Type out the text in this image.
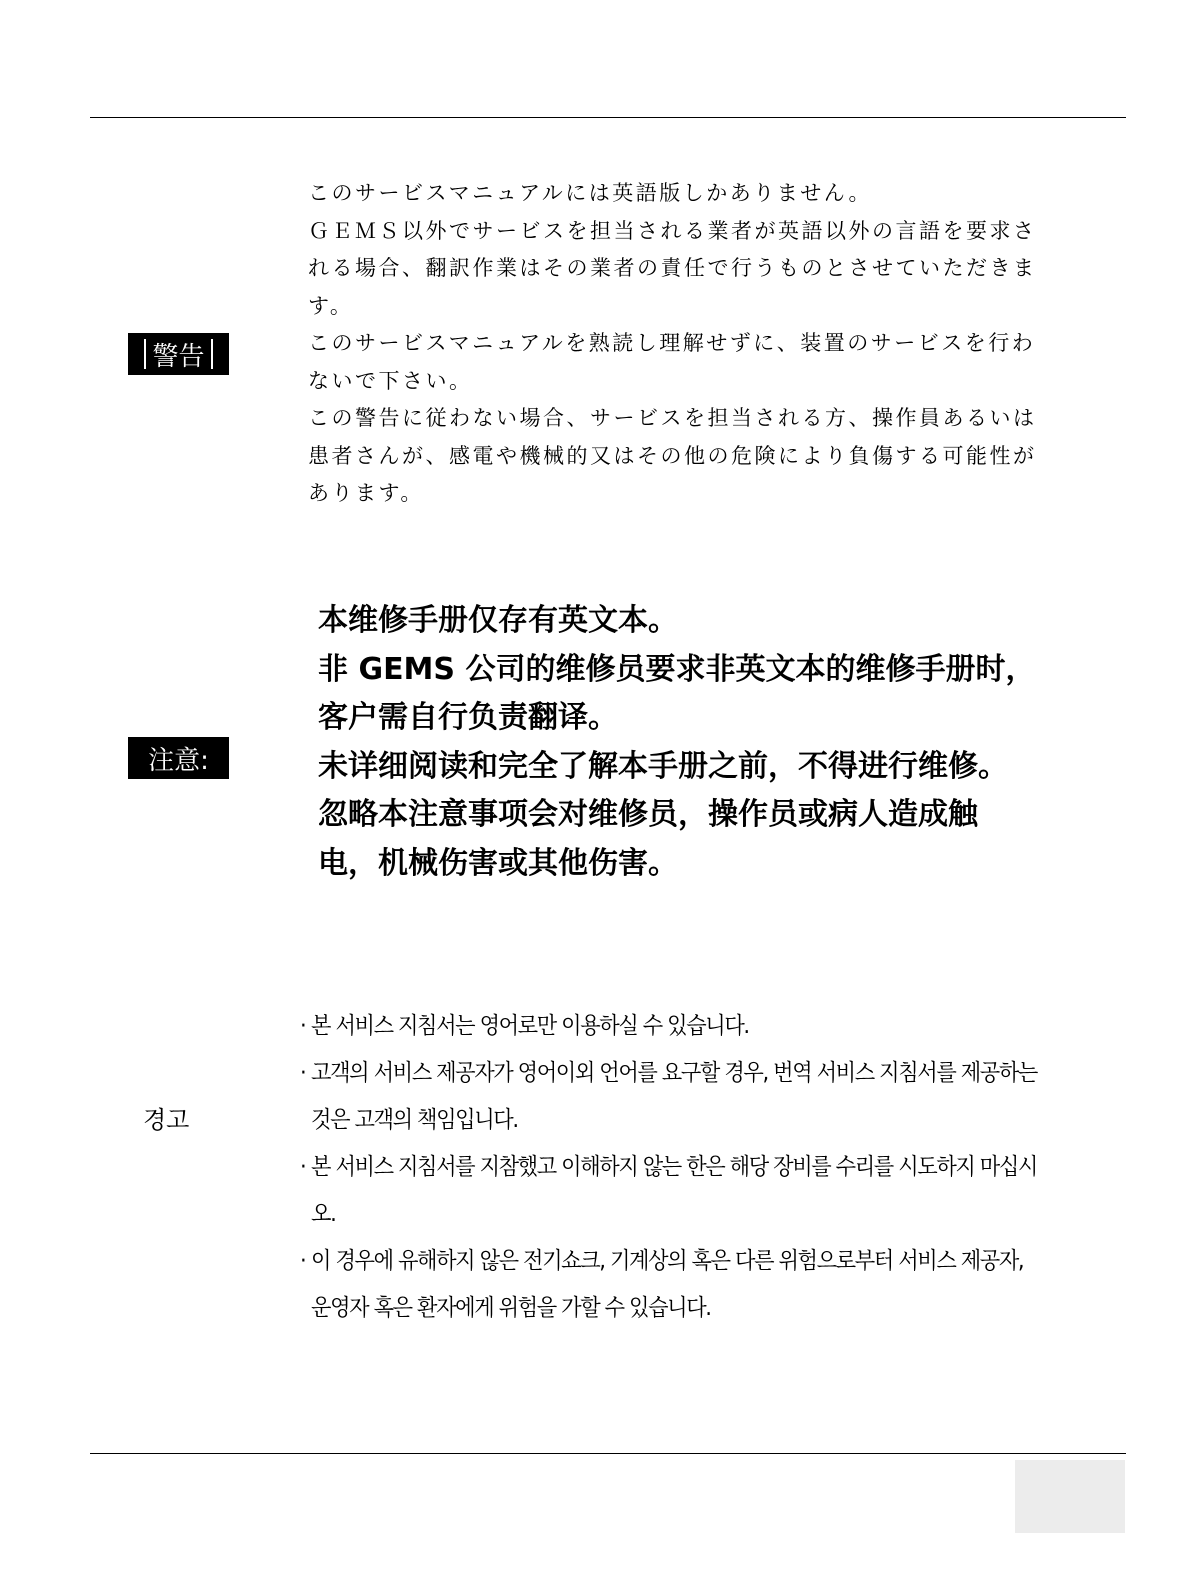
警告

このサービスマニュアルには英語版しかありません。

ＧＥＭＳ以外でサービスを担当される業者が英語以外の言語を要求さ

れる場合、翻訳作業はその業者の責任で行うものとさせていただきま

す。

このサービスマニュアルを熟読し理解せずに、装置のサービスを行わ

ないで下さい。

この警告に従わない場合、サービスを担当される方、操作員あるいは

患者さんが、感電や機械的又はその他の危険により負傷する可能性が

あります。

注意:

本维修手册仅存有英文本。

非 GEMS 公司的维修员要求非英文本的维修手册时，

客户需自行负责翻译。

未详细阅读和完全了解本手册之前，不得进行维修。

忽略本注意事项会对维修员，操作员或病人造成触

电，机械伤害或其他伤害。

경고
· 본 서비스 지침서는 영어로만 이용하실 수 있습니다.
· 고객의 서비스 제공자가 영어이외 언어를 요구할 경우, 번역 서비스 지침서를 제공하는 것은 고객의 책임입니다.
· 본 서비스 지침서를 지참했고 이해하지 않는 한은 해당 장비를 수리를 시도하지 마십시오.
· 이 경우에 유해하지 않은 전기쇼크, 기계상의 혹은 다른 위험으로부터 서비스 제공자, 운영자 혹은 환자에게 위험을 가할 수 있습니다.
